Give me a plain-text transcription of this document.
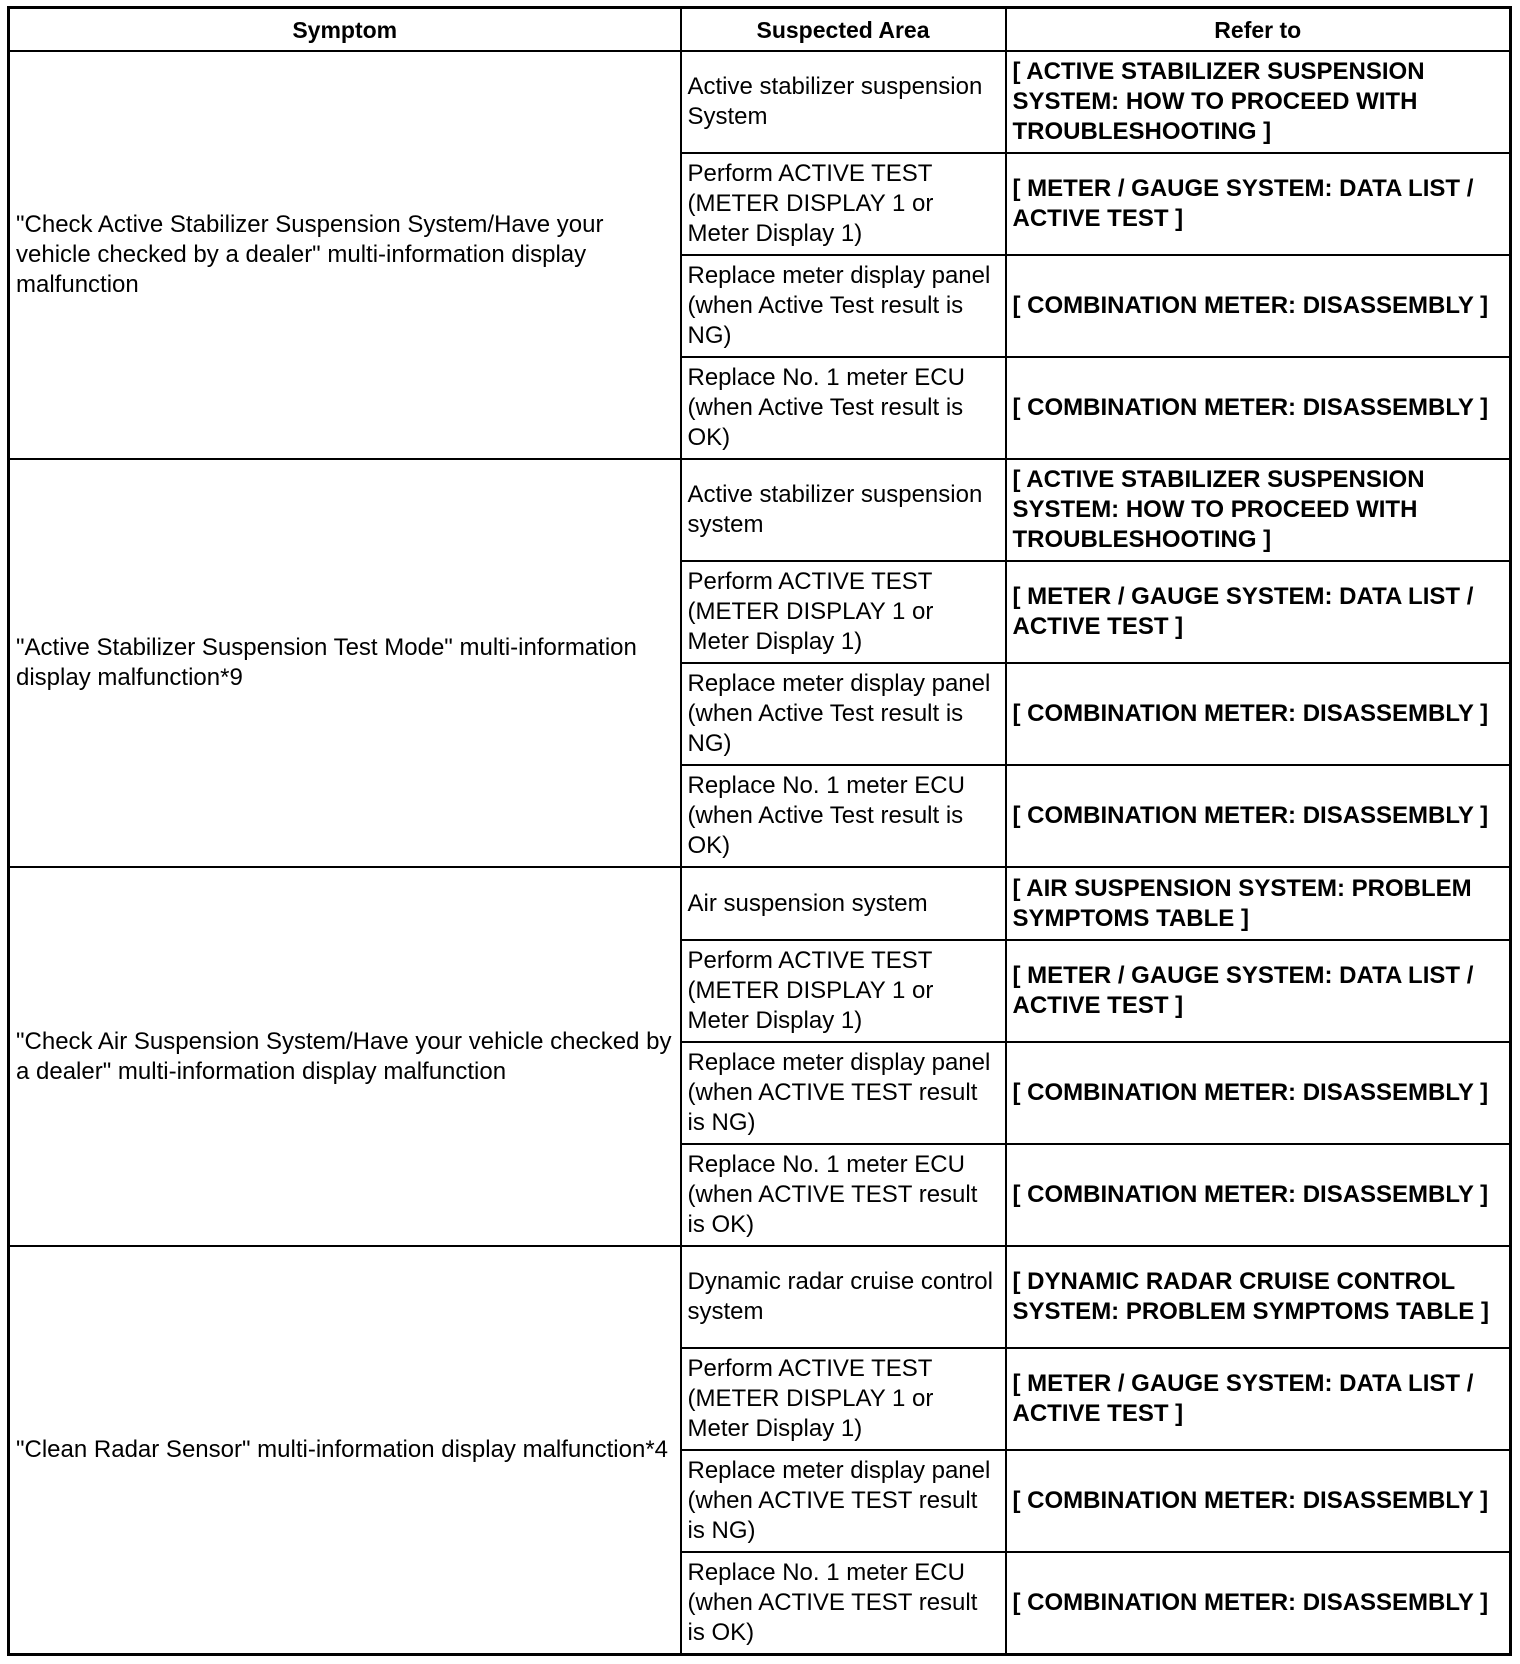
Symptom	Suspected Area	Refer to
"Check Active Stabilizer Suspension System/Have your vehicle checked by a dealer" multi-information display malfunction	Active stabilizer suspension System	[ ACTIVE STABILIZER SUSPENSION SYSTEM: HOW TO PROCEED WITH TROUBLESHOOTING ]
	Perform ACTIVE TEST (METER DISPLAY 1 or Meter Display 1)	[ METER / GAUGE SYSTEM: DATA LIST / ACTIVE TEST ]
	Replace meter display panel (when Active Test result is NG)	[ COMBINATION METER: DISASSEMBLY ]
	Replace No. 1 meter ECU (when Active Test result is OK)	[ COMBINATION METER: DISASSEMBLY ]
"Active Stabilizer Suspension Test Mode" multi-information display malfunction*9	Active stabilizer suspension system	[ ACTIVE STABILIZER SUSPENSION SYSTEM: HOW TO PROCEED WITH TROUBLESHOOTING ]
	Perform ACTIVE TEST (METER DISPLAY 1 or Meter Display 1)	[ METER / GAUGE SYSTEM: DATA LIST / ACTIVE TEST ]
	Replace meter display panel (when Active Test result is NG)	[ COMBINATION METER: DISASSEMBLY ]
	Replace No. 1 meter ECU (when Active Test result is OK)	[ COMBINATION METER: DISASSEMBLY ]
"Check Air Suspension System/Have your vehicle checked by a dealer" multi-information display malfunction	Air suspension system	[ AIR SUSPENSION SYSTEM: PROBLEM SYMPTOMS TABLE ]
	Perform ACTIVE TEST (METER DISPLAY 1 or Meter Display 1)	[ METER / GAUGE SYSTEM: DATA LIST / ACTIVE TEST ]
	Replace meter display panel (when ACTIVE TEST result is NG)	[ COMBINATION METER: DISASSEMBLY ]
	Replace No. 1 meter ECU (when ACTIVE TEST result is OK)	[ COMBINATION METER: DISASSEMBLY ]
"Clean Radar Sensor" multi-information display malfunction*4	Dynamic radar cruise control system	[ DYNAMIC RADAR CRUISE CONTROL SYSTEM: PROBLEM SYMPTOMS TABLE ]
	Perform ACTIVE TEST (METER DISPLAY 1 or Meter Display 1)	[ METER / GAUGE SYSTEM: DATA LIST / ACTIVE TEST ]
	Replace meter display panel (when ACTIVE TEST result is NG)	[ COMBINATION METER: DISASSEMBLY ]
	Replace No. 1 meter ECU (when ACTIVE TEST result is OK)	[ COMBINATION METER: DISASSEMBLY ]
